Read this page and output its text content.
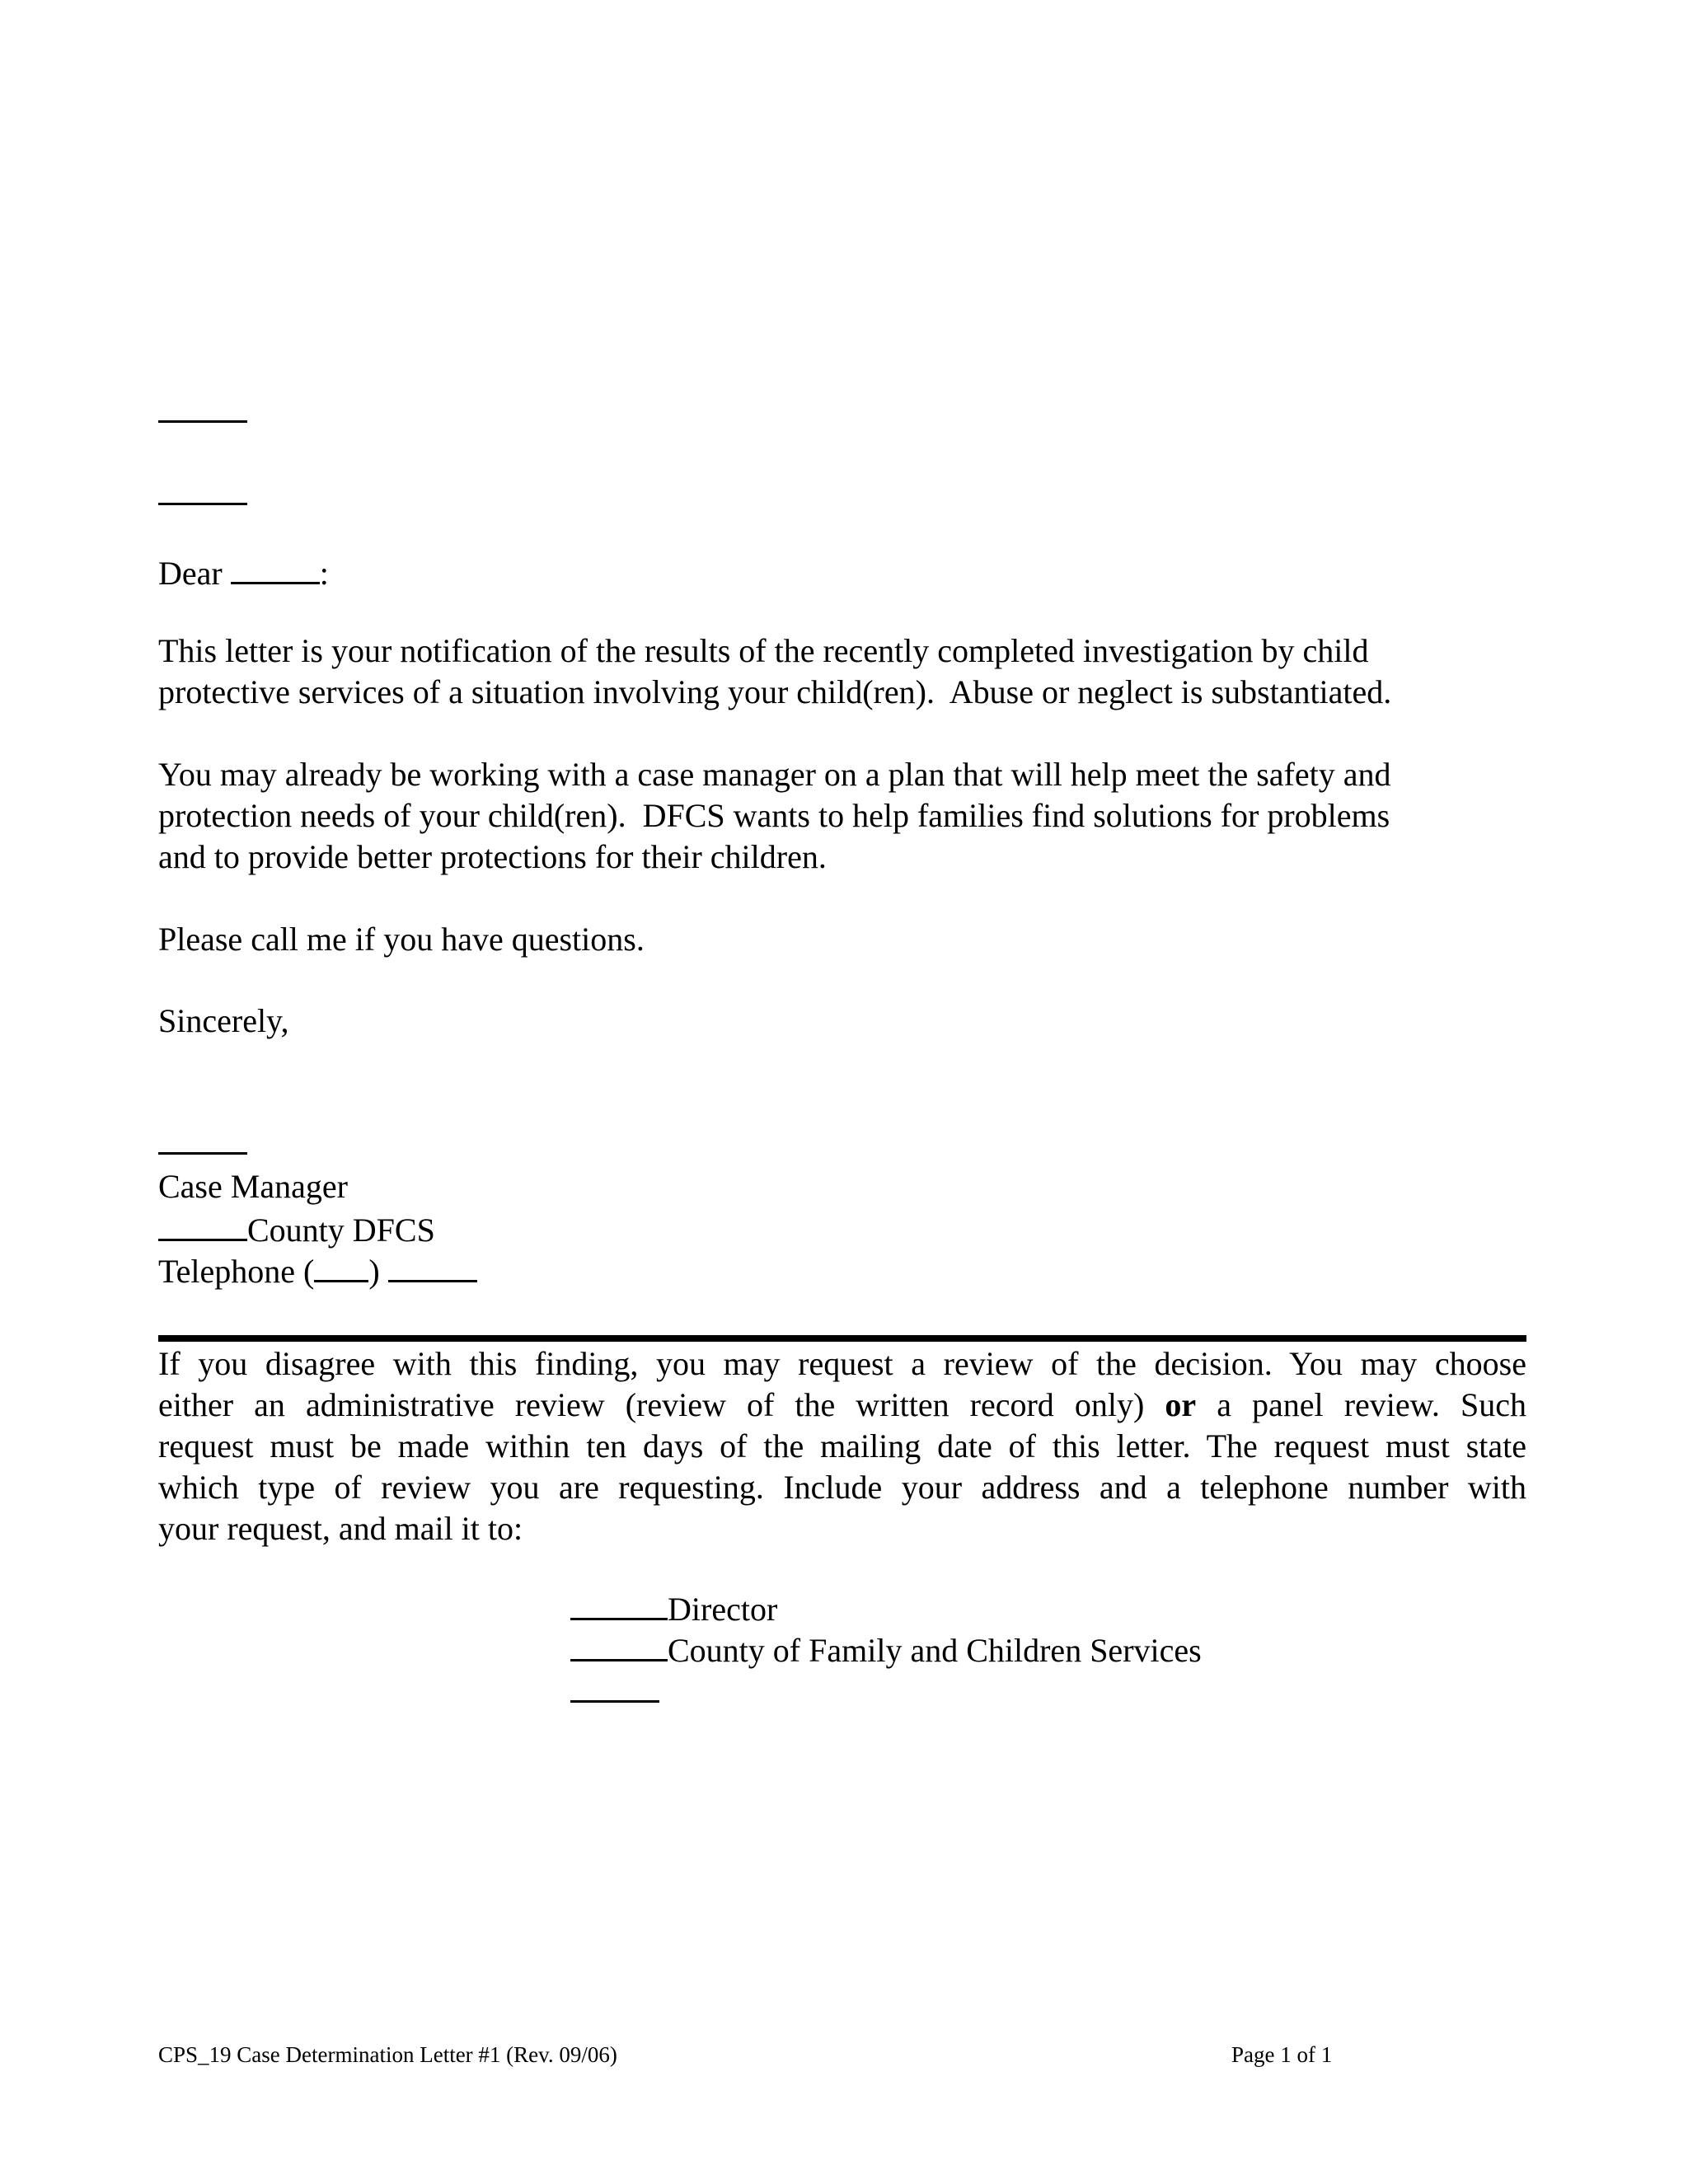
Dear	:
This letter is your notification of the results of the recently completed investigation by child
protective services of a situation involving your child(ren).  Abuse or neglect is substantiated.
You may already be working with a case manager on a plan that will help meet the safety and
protection needs of your child(ren).  DFCS wants to help families find solutions for problems
and to provide better protections for their children.
Please call me if you have questions.
Sincerely,
Case Manager
County DFCS
Telephone ( )
If you disagree with this finding, you may request a review of the decision. You may choose
either an administrative review (review of the written record only) or a panel review. Such
request must be made within ten days of the mailing date of this letter. The request must state
which type of review you are requesting. Include your address and a telephone number with
your request, and mail it to:
Director
County of Family and Children Services
CPS_19 Case Determination Letter #1 (Rev. 09/06)	Page 1 of 1
